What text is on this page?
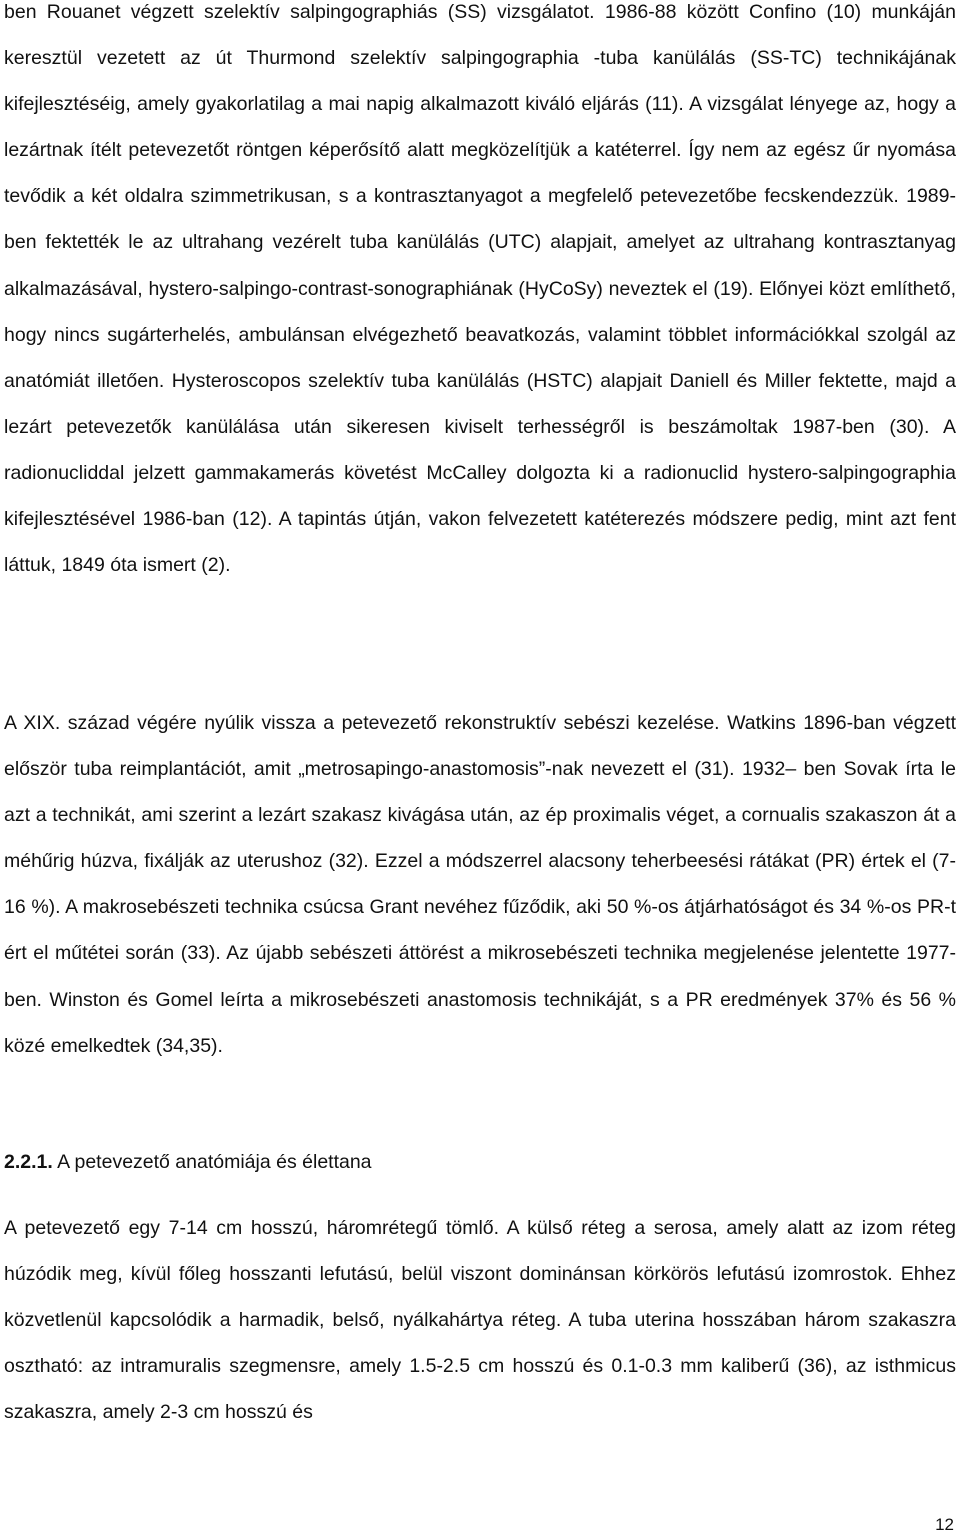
ben Rouanet végzett szelektív salpingographiás (SS) vizsgálatot. 1986-88 között Confino (10) munkáján keresztül vezetett az út Thurmond szelektív salpingographia -tuba kanülálás (SS-TC) technikájának kifejlesztéséig, amely gyakorlatilag a mai napig alkalmazott kiváló eljárás (11). A vizsgálat lényege az, hogy a lezártnak ítélt petevezetőt röntgen képerősítő alatt megközelítjük a katéterrel. Így nem az egész űr nyomása tevődik a két oldalra szimmetrikusan, s a kontrasztanyagot a megfelelő petevezetőbe fecskendezzük. 1989-ben fektették le az ultrahang vezérelt tuba kanülálás (UTC) alapjait, amelyet az ultrahang kontrasztanyag alkalmazásával, hystero-salpingo-contrast-sonographiának (HyCoSy) neveztek el (19). Előnyei közt említhető, hogy nincs sugárterhelés, ambulánsan elvégezhető beavatkozás, valamint többlet információkkal szolgál az anatómiát illetően. Hysteroscopos szelektív tuba kanülálás (HSTC) alapjait Daniell és Miller fektette, majd a lezárt petevezetők kanülálása után sikeresen kiviselt terhességről is beszámoltak 1987-ben (30). A radionucliddal jelzett gammakamerás követést McCalley dolgozta ki a radionuclid hystero-salpingographia kifejlesztésével 1986-ban (12). A tapintás útján, vakon felvezetett katéterezés módszere pedig, mint azt fent láttuk, 1849 óta ismert (2).

A XIX. század végére nyúlik vissza a petevezető rekonstruktív sebészi kezelése. Watkins 1896-ban végzett először tuba reimplantációt, amit „metrosapingo-anastomosis”-nak nevezett el (31). 1932– ben Sovak írta le azt a technikát, ami szerint a lezárt szakasz kivágása után, az ép proximalis véget, a cornualis szakaszon át a méhűrig húzva, fixálják az uterushoz (32). Ezzel a módszerrel alacsony teherbeesési rátákat (PR) értek el (7-16 %). A makrosebészeti technika csúcsa Grant nevéhez fűződik, aki 50 %-os átjárhatóságot és 34 %-os PR-t ért el műtétei során (33). Az újabb sebészeti áttörést a mikrosebészeti technika megjelenése jelentette 1977-ben. Winston és Gomel leírta a mikrosebészeti anastomosis technikáját, s a PR eredmények 37% és 56 % közé emelkedtek (34,35).

2.2.1. A petevezető anatómiája és élettana

A petevezető egy 7-14 cm hosszú, háromrétegű tömlő. A külső réteg a serosa, amely alatt az izom réteg húzódik meg, kívül főleg hosszanti lefutású, belül viszont dominánsan körkörös lefutású izomrostok. Ehhez közvetlenül kapcsolódik a harmadik, belső, nyálkahártya réteg. A tuba uterina hosszában három szakaszra osztható: az intramuralis szegmensre, amely 1.5-2.5 cm hosszú és 0.1-0.3 mm kaliberű (36), az isthmicus szakaszra, amely 2-3 cm hosszú és

12
